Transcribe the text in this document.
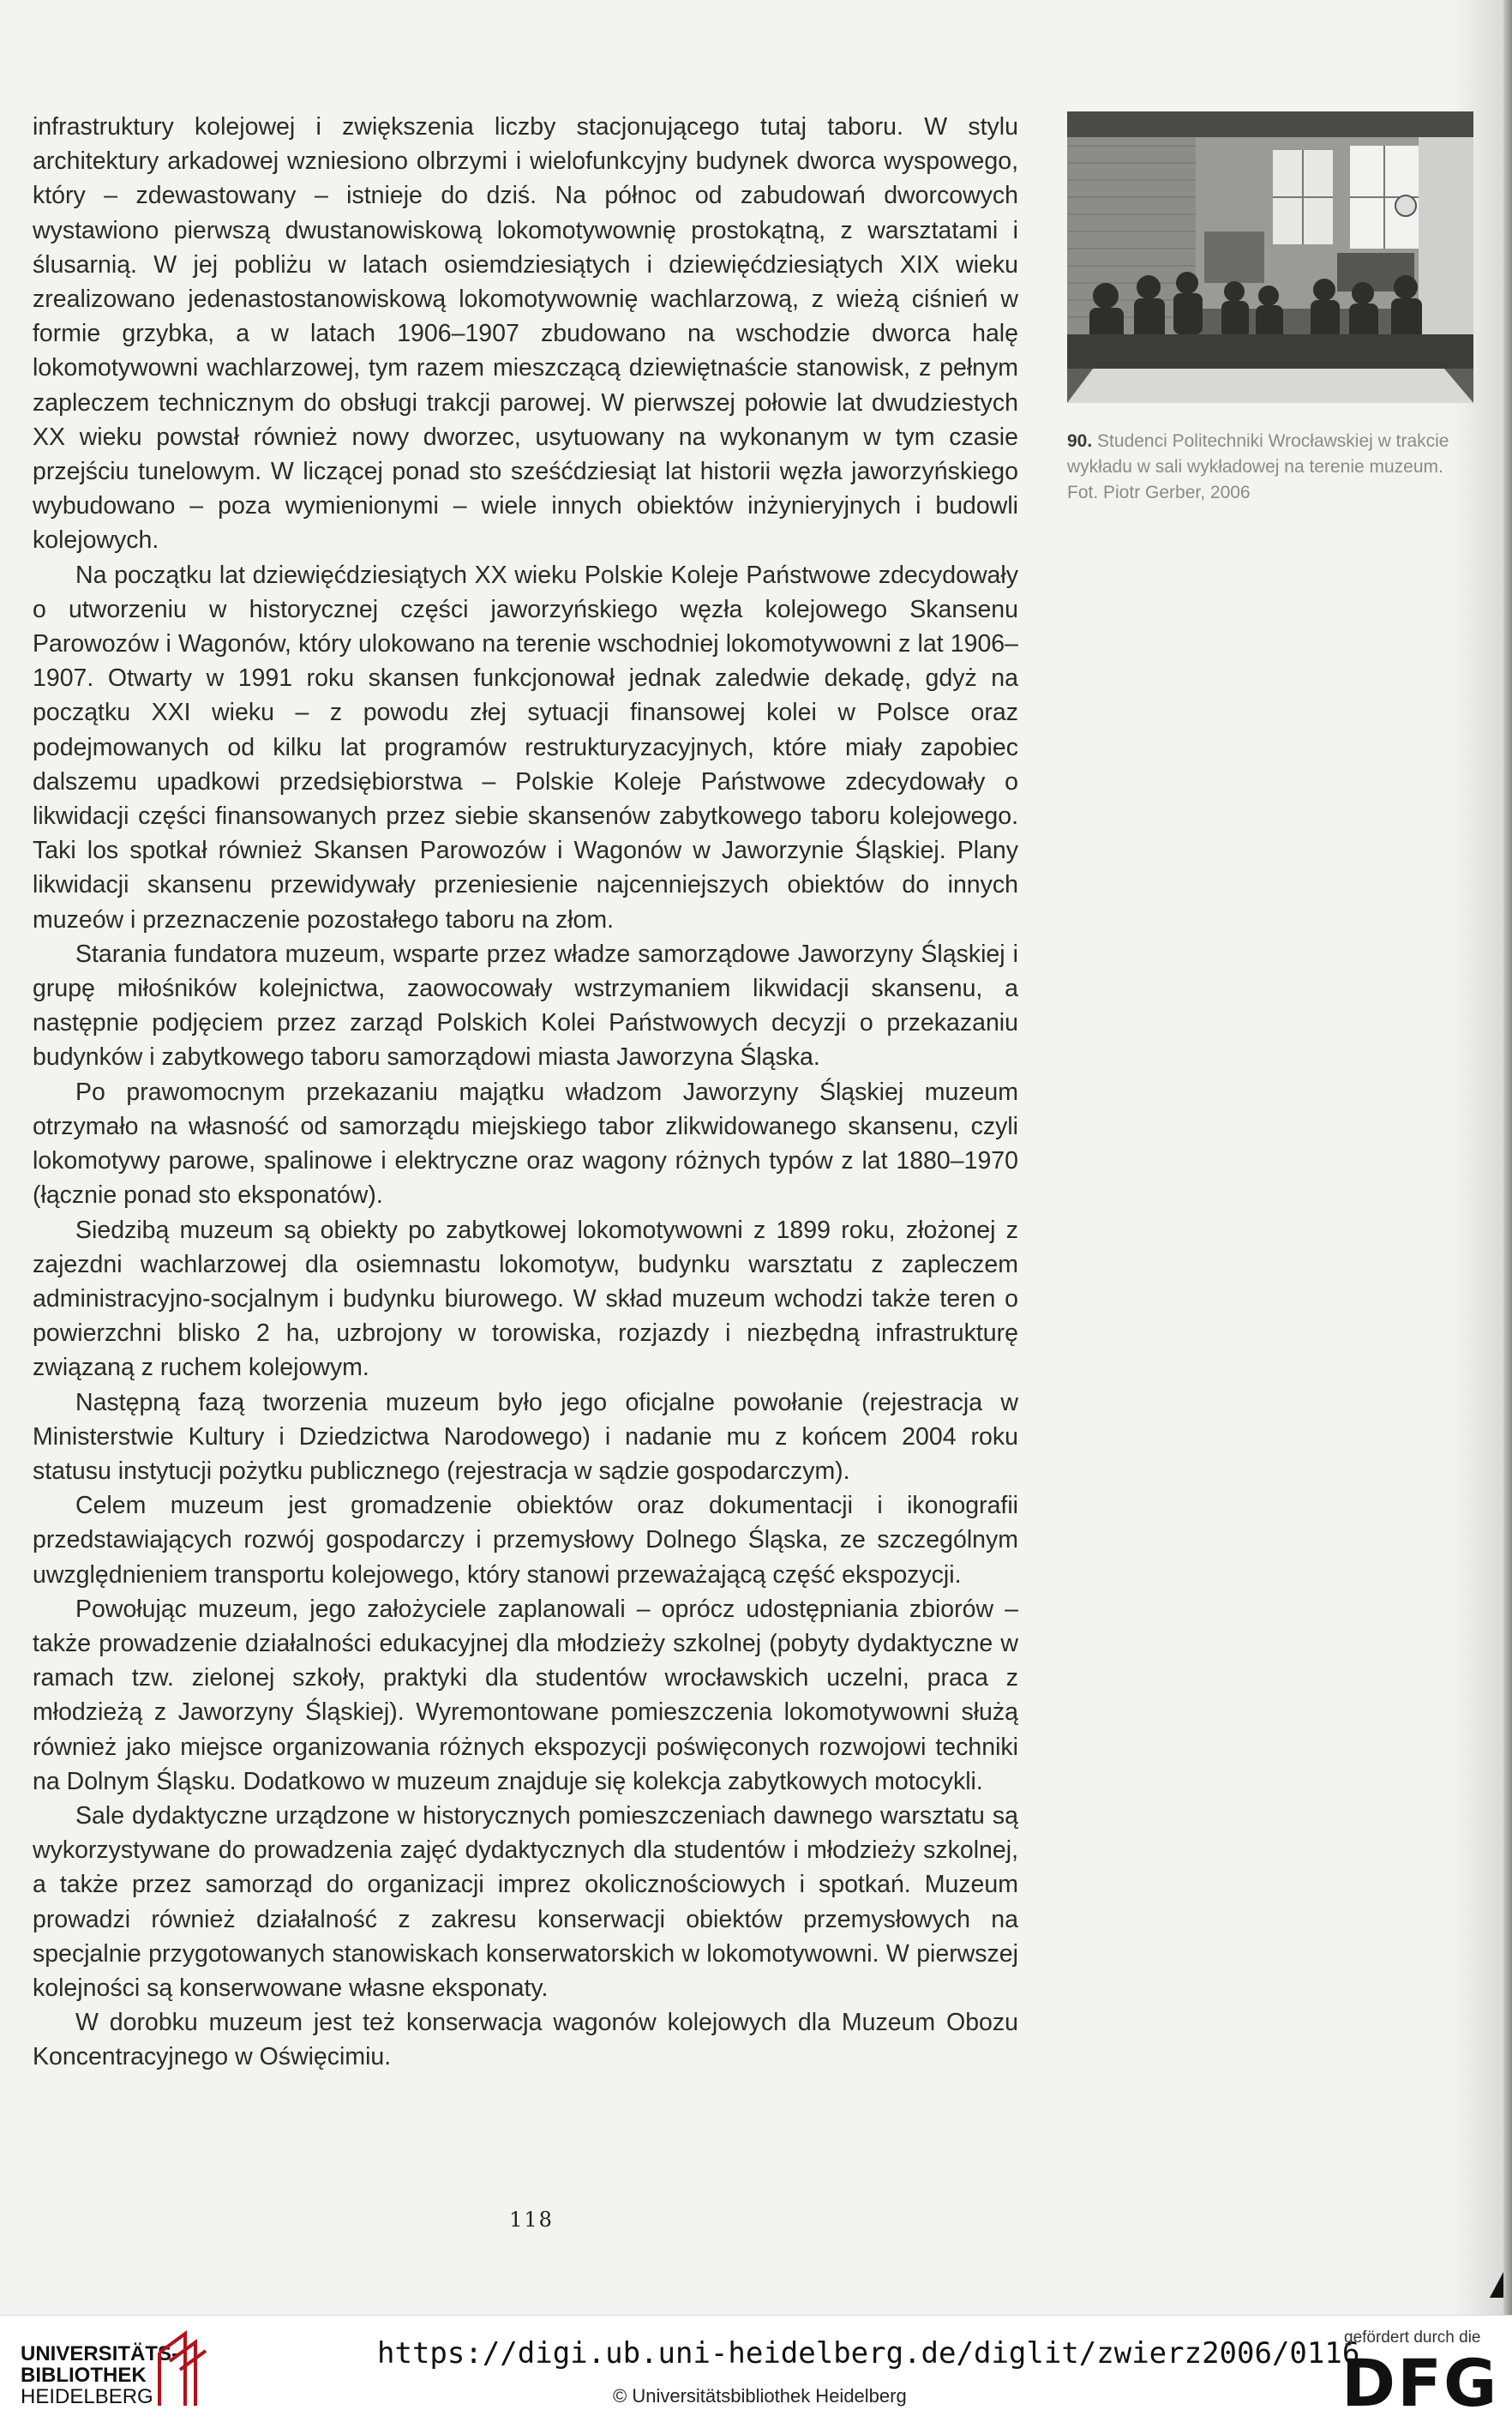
infrastruktury kolejowej i zwiększenia liczby stacjonującego tutaj taboru. W stylu architektury arkadowej wzniesiono olbrzymi i wielofunkcyjny budynek dworca wyspowego, który – zdewastowany – istnieje do dziś. Na północ od zabudowań dworcowych wystawiono pierwszą dwustanowiskową lokomotywownię prostokątną, z warsztatami i ślusarnią. W jej pobliżu w latach osiemdziesiątych i dziewięćdziesiątych XIX wieku zrealizowano jedenastostanowiskową lokomotywownię wachlarzową, z wieżą ciśnień w formie grzybka, a w latach 1906–1907 zbudowano na wschodzie dworca halę lokomotywowni wachlarzowej, tym razem mieszczącą dziewiętnaście stanowisk, z pełnym zapleczem technicznym do obsługi trakcji parowej. W pierwszej połowie lat dwudziestych XX wieku powstał również nowy dworzec, usytuowany na wykonanym w tym czasie przejściu tunelowym. W liczącej ponad sto sześćdziesiąt lat historii węzła jaworzyńskiego wybudowano – poza wymienionymi – wiele innych obiektów inżynieryjnych i budowli kolejowych.

Na początku lat dziewięćdziesiątych XX wieku Polskie Koleje Państwowe zdecydowały o utworzeniu w historycznej części jaworzyńskiego węzła kolejowego Skansenu Parowozów i Wagonów, który ulokowano na terenie wschodniej lokomotywowni z lat 1906–1907. Otwarty w 1991 roku skansen funkcjonował jednak zaledwie dekadę, gdyż na początku XXI wieku – z powodu złej sytuacji finansowej kolei w Polsce oraz podejmowanych od kilku lat programów restrukturyzacyjnych, które miały zapobiec dalszemu upadkowi przedsiębiorstwa – Polskie Koleje Państwowe zdecydowały o likwidacji części finansowanych przez siebie skansenów zabytkowego taboru kolejowego. Taki los spotkał również Skansen Parowozów i Wagonów w Jaworzynie Śląskiej. Plany likwidacji skansenu przewidywały przeniesienie najcenniejszych obiektów do innych muzeów i przeznaczenie pozostałego taboru na złom.

Starania fundatora muzeum, wsparte przez władze samorządowe Jaworzyny Śląskiej i grupę miłośników kolejnictwa, zaowocowały wstrzymaniem likwidacji skansenu, a następnie podjęciem przez zarząd Polskich Kolei Państwowych decyzji o przekazaniu budynków i zabytkowego taboru samorządowi miasta Jaworzyna Śląska.

Po prawomocnym przekazaniu majątku władzom Jaworzyny Śląskiej muzeum otrzymało na własność od samorządu miejskiego tabor zlikwidowanego skansenu, czyli lokomotywy parowe, spalinowe i elektryczne oraz wagony różnych typów z lat 1880–1970 (łącznie ponad sto eksponatów).

Siedzibą muzeum są obiekty po zabytkowej lokomotywowni z 1899 roku, złożonej z zajezdni wachlarzowej dla osiemnastu lokomotyw, budynku warsztatu z zapleczem administracyjno-socjalnym i budynku biurowego. W skład muzeum wchodzi także teren o powierzchni blisko 2 ha, uzbrojony w torowiska, rozjazdy i niezbędną infrastrukturę związaną z ruchem kolejowym.

Następną fazą tworzenia muzeum było jego oficjalne powołanie (rejestracja w Ministerstwie Kultury i Dziedzictwa Narodowego) i nadanie mu z końcem 2004 roku statusu instytucji pożytku publicznego (rejestracja w sądzie gospodarczym).

Celem muzeum jest gromadzenie obiektów oraz dokumentacji i ikonografii przedstawiających rozwój gospodarczy i przemysłowy Dolnego Śląska, ze szczególnym uwzględnieniem transportu kolejowego, który stanowi przeważającą część ekspozycji.

Powołując muzeum, jego założyciele zaplanowali – oprócz udostępniania zbiorów – także prowadzenie działalności edukacyjnej dla młodzieży szkolnej (pobyty dydaktyczne w ramach tzw. zielonej szkoły, praktyki dla studentów wrocławskich uczelni, praca z młodzieżą z Jaworzyny Śląskiej). Wyremontowane pomieszczenia lokomotywowni służą również jako miejsce organizowania różnych ekspozycji poświęconych rozwojowi techniki na Dolnym Śląsku. Dodatkowo w muzeum znajduje się kolekcja zabytkowych motocykli.

Sale dydaktyczne urządzone w historycznych pomieszczeniach dawnego warsztatu są wykorzystywane do prowadzenia zajęć dydaktycznych dla studentów i młodzieży szkolnej, a także przez samorząd do organizacji imprez okolicznościowych i spotkań. Muzeum prowadzi również działalność z zakresu konserwacji obiektów przemysłowych na specjalnie przygotowanych stanowiskach konserwatorskich w lokomotywowni. W pierwszej kolejności są konserwowane własne eksponaty.

W dorobku muzeum jest też konserwacja wagonów kolejowych dla Muzeum Obozu Koncentracyjnego w Oświęcimiu.

90. Studenci Politechniki Wrocławskiej w trakcie
wykładu w sali wykładowej na terenie muzeum.
Fot. Piotr Gerber, 2006
118
UNIVERSITÄTS-
BIBLIOTHEK
HEIDELBERG
https://digi.ub.uni-heidelberg.de/diglit/zwierz2006/0116
© Universitätsbibliothek Heidelberg
gefördert durch die
DFG
